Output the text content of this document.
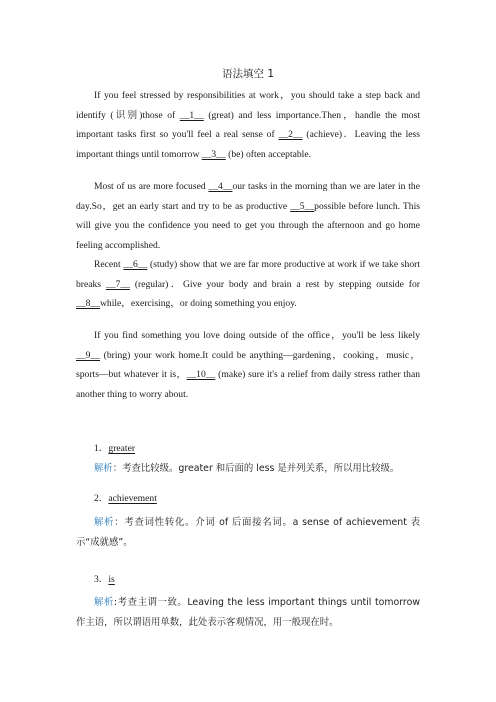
语法填空 1
If you feel stressed by responsibilities at work，you should take a step back and identify (识别)those of __1__ (great) and less importance.Then，handle the most important tasks first so you'll feel a real sense of __2__ (achieve)．Leaving the less important things until tomorrow __3__ (be) often acceptable.
Most of us are more focused __4__our tasks in the morning than we are later in the day.So，get an early start and try to be as productive __5__possible before lunch. This will give you the confidence you need to get you through the afternoon and go home feeling accomplished.
Recent __6__ (study) show that we are far more productive at work if we take short breaks __7__ (regular)．Give your body and brain a rest by stepping outside for __8__while，exercising，or doing something you enjoy.
If you find something you love doing outside of the office，you'll be less likely __9__ (bring) your work home.It could be anything—gardening，cooking，music，sports—but whatever it is，__10__ (make) sure it's a relief from daily stress rather than another thing to worry about.
1．greater
解析：考查比较级。greater 和后面的 less 是并列关系，所以用比较级。
2．achievement
解析：考查词性转化。介词 of 后面接名词。a sense of achievement 表示“成就感”。
3．is
解析:考查主谓一致。Leaving the less important things until tomorrow 作主语，所以谓语用单数，此处表示客观情况，用一般现在时。
